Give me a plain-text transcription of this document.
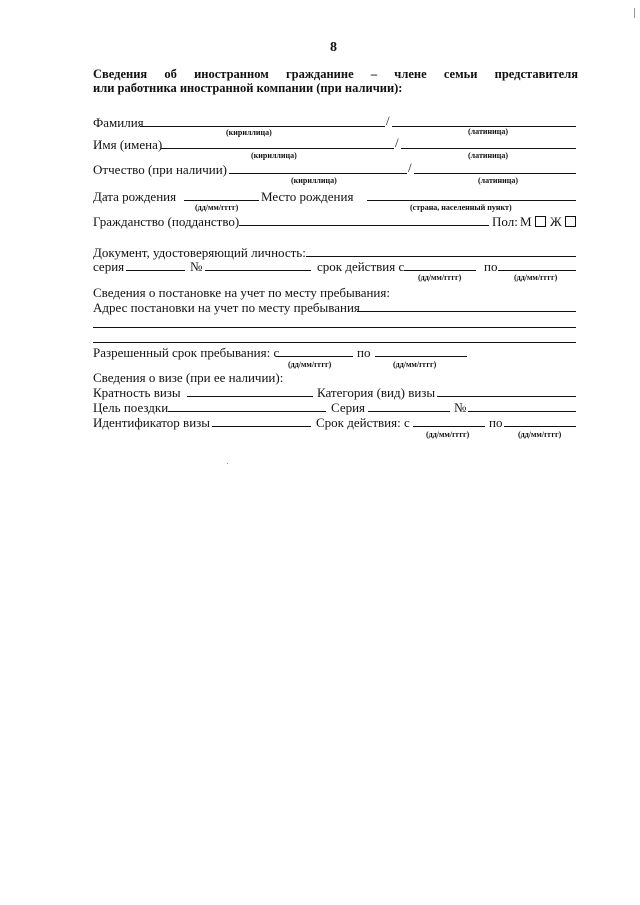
8
Сведения об иностранном гражданине – члене семьи представителя
или работника иностранной компании (при наличии):
Фамилия	/
(кириллица)	(латиница)
Имя (имена)	/
(кириллица)	(латиница)
Отчество (при наличии)	/
(кириллица)	(латиница)
Дата рождения	Место рождения
(дд/мм/гггг)	(страна, населенный пункт)
Гражданство (подданство)	Пол: М Ж
Документ, удостоверяющий личность:
серия	№	срок действия с	по
(дд/мм/гггг)	(дд/мм/гггг)
Сведения о постановке на учет по месту пребывания:
Адрес постановки на учет по месту пребывания
Разрешенный срок пребывания: с	по
(дд/мм/гггг)	(дд/мм/гггг)
Сведения о визе (при ее наличии):
Кратность визы	Категория (вид) визы
Цель поездки	Серия	№
Идентификатор визы	Срок действия: с	по
(дд/мм/гггг)	(дд/мм/гггг)
